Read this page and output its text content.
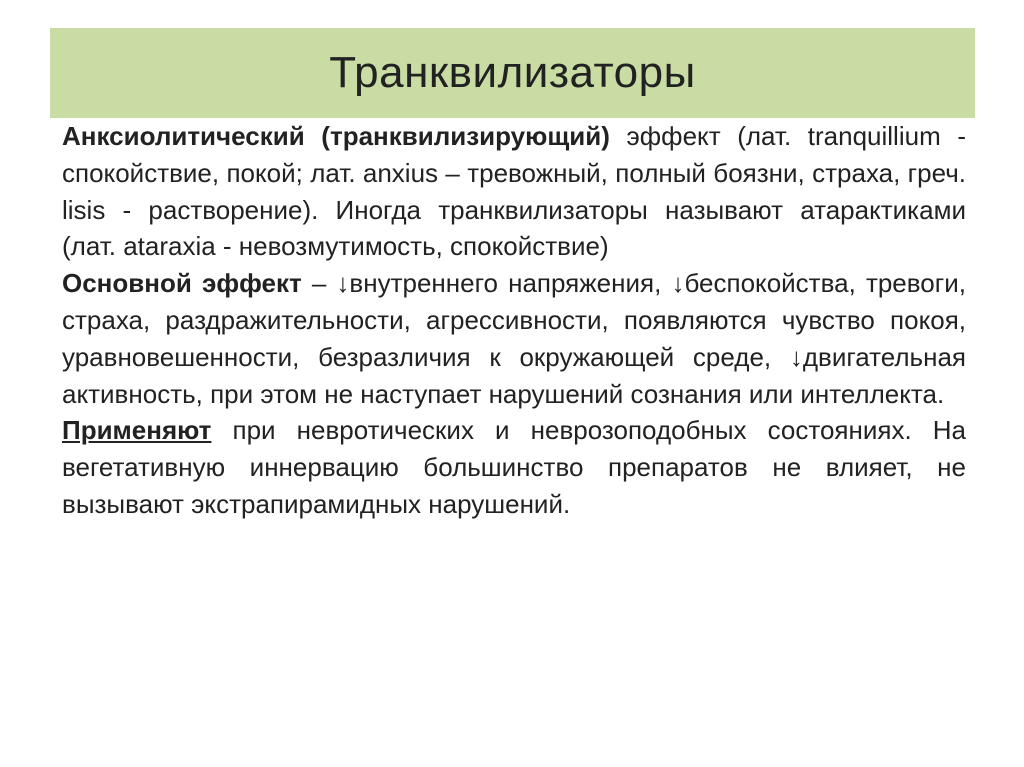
Транквилизаторы

Анксиолитический (транквилизирующий) эффект (лат. tranquillium - спокойствие, покой; лат. anxius – тревожный, полный боязни, страха, греч. lisis - растворение). Иногда транквилизаторы называют атарактиками (лат. ataraxia - невозмутимость, спокойствие)

Основной эффект – ↓внутреннего напряжения, ↓беспокойства, тревоги, страха, раздражительности, агрессивности, появляются чувство покоя, уравновешенности, безразличия к окружающей среде, ↓двигательная активность, при этом не наступает нарушений сознания или интеллекта.

Применяют при невротических и неврозоподобных состояниях. На вегетативную иннервацию большинство препаратов не влияет, не вызывают экстрапирамидных нарушений.
